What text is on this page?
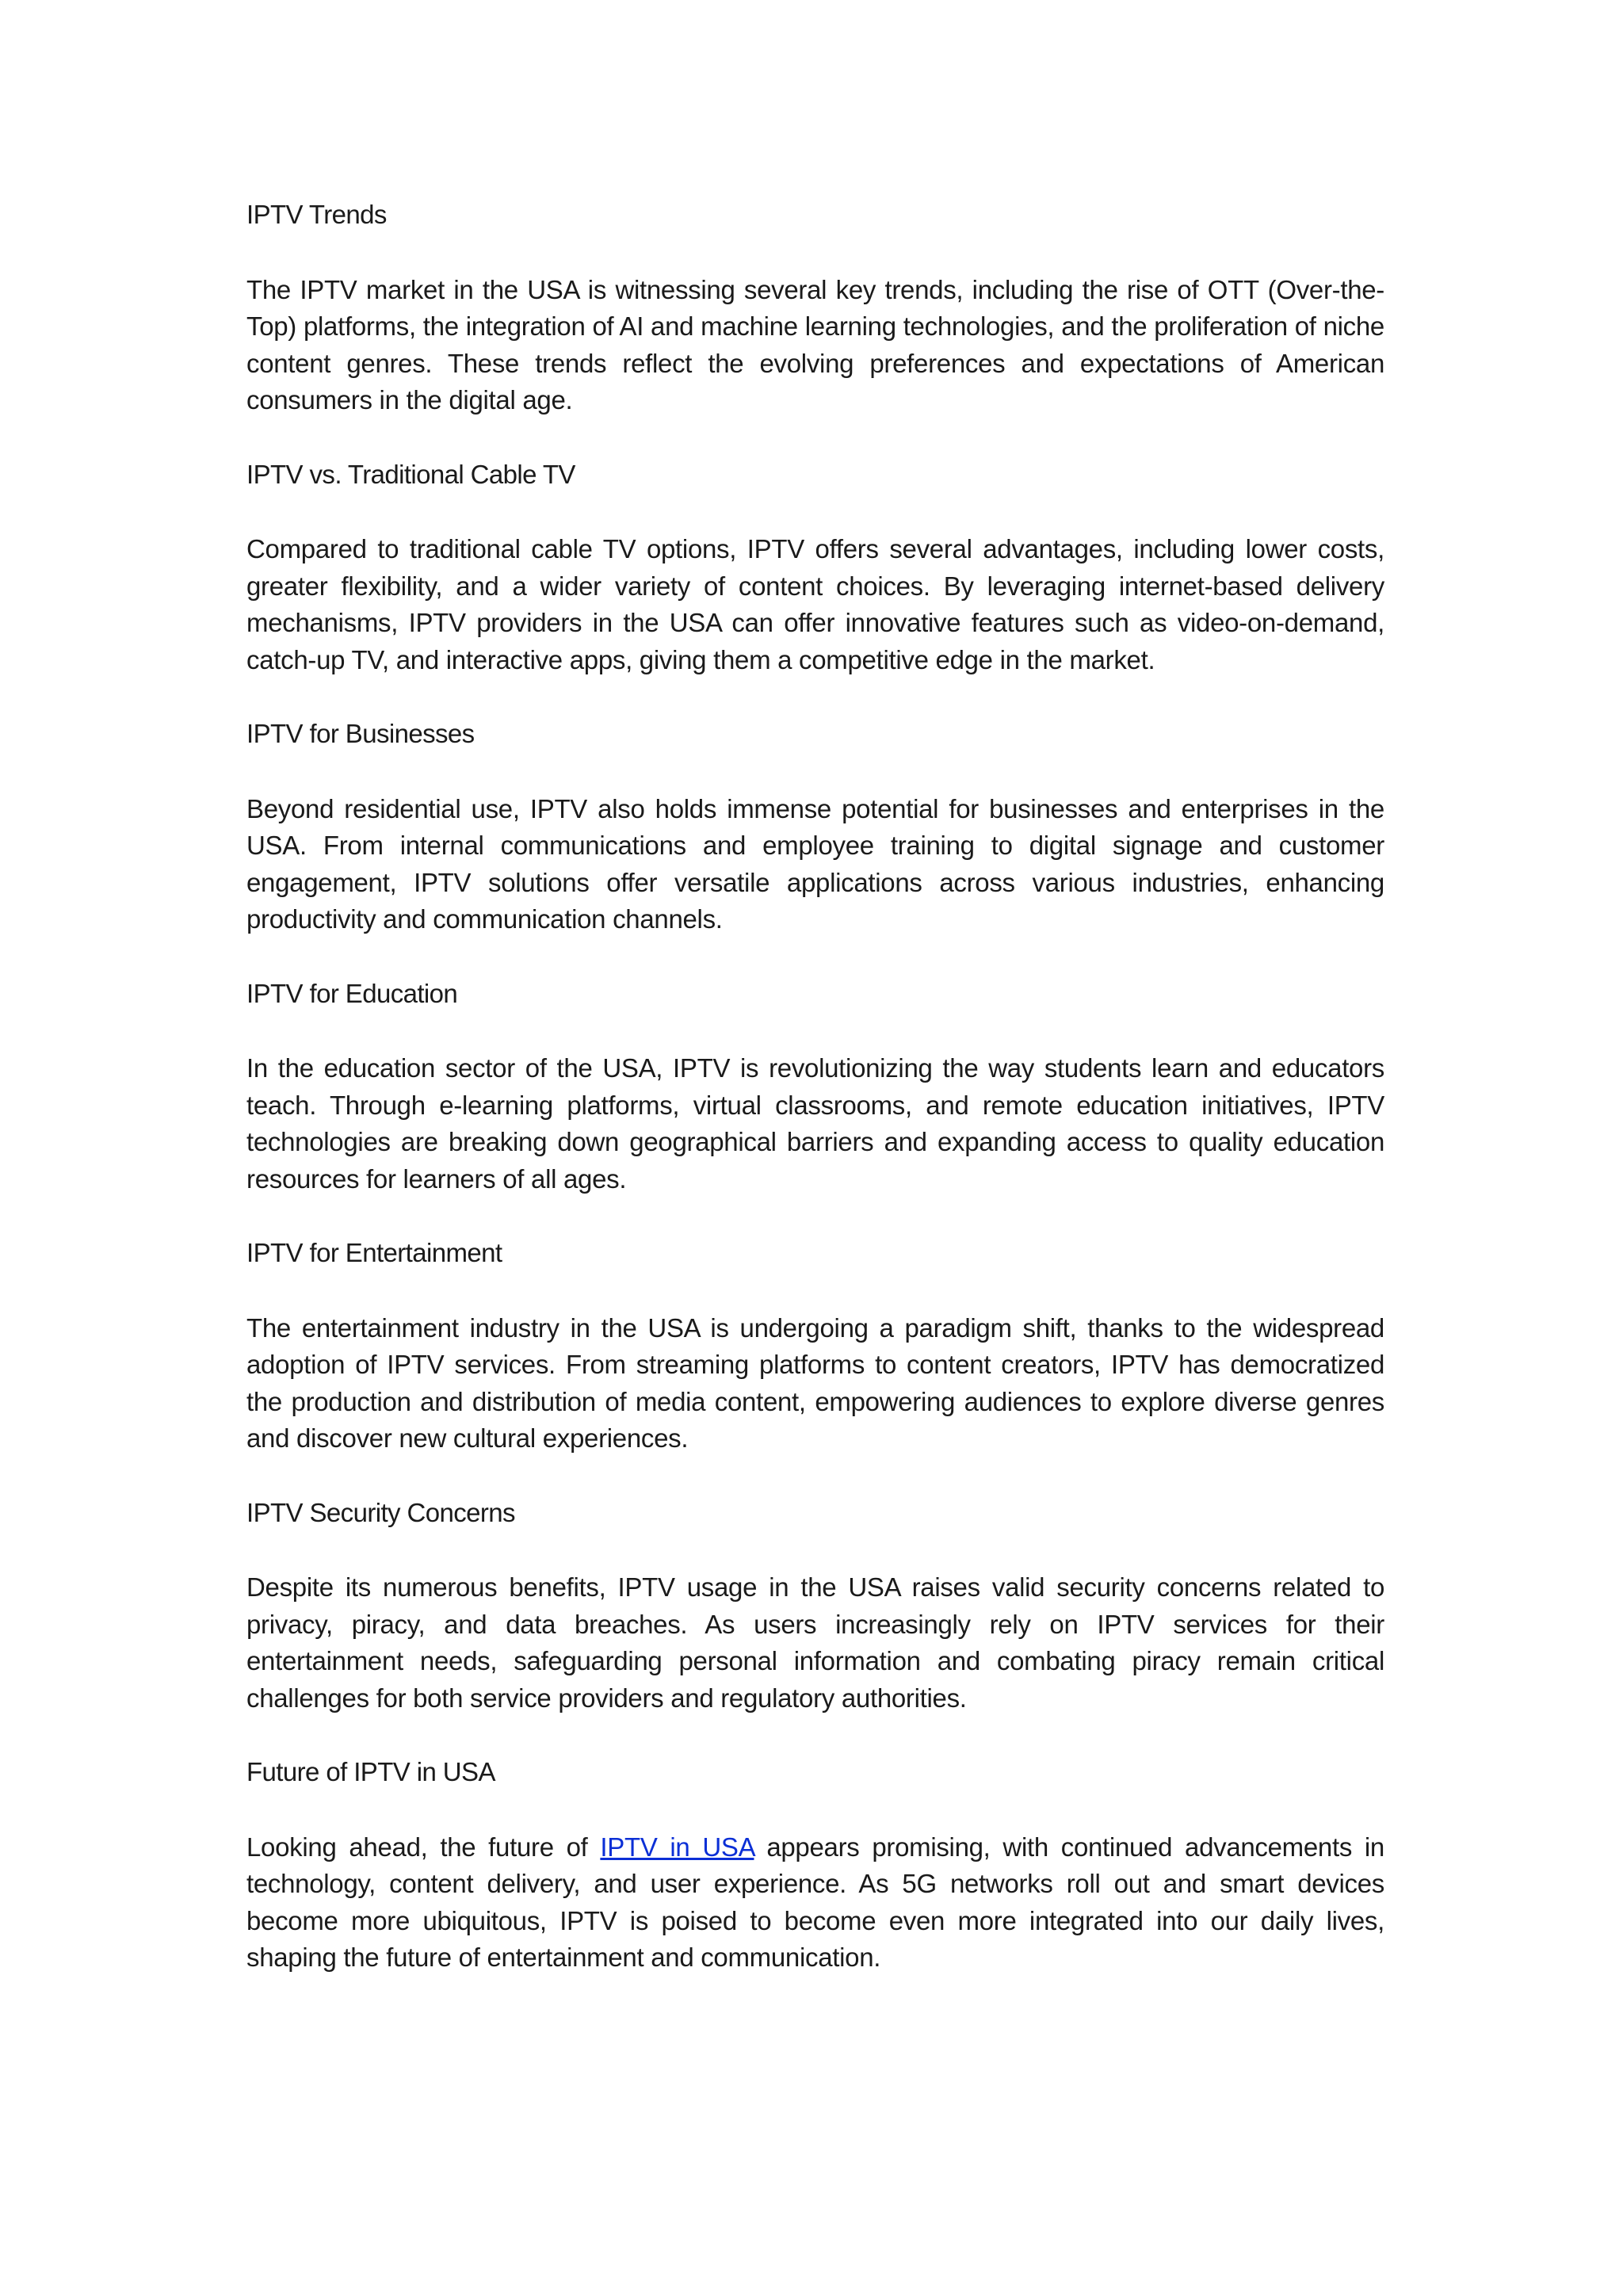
IPTV Trends

The IPTV market in the USA is witnessing several key trends, including the rise of OTT (Over-the-Top) platforms, the integration of AI and machine learning technologies, and the proliferation of niche content genres. These trends reflect the evolving preferences and expectations of American consumers in the digital age.

IPTV vs. Traditional Cable TV

Compared to traditional cable TV options, IPTV offers several advantages, including lower costs, greater flexibility, and a wider variety of content choices. By leveraging internet-based delivery mechanisms, IPTV providers in the USA can offer innovative features such as video-on-demand, catch-up TV, and interactive apps, giving them a competitive edge in the market.

IPTV for Businesses

Beyond residential use, IPTV also holds immense potential for businesses and enterprises in the USA. From internal communications and employee training to digital signage and customer engagement, IPTV solutions offer versatile applications across various industries, enhancing productivity and communication channels.

IPTV for Education

In the education sector of the USA, IPTV is revolutionizing the way students learn and educators teach. Through e-learning platforms, virtual classrooms, and remote education initiatives, IPTV technologies are breaking down geographical barriers and expanding access to quality education resources for learners of all ages.

IPTV for Entertainment

The entertainment industry in the USA is undergoing a paradigm shift, thanks to the widespread adoption of IPTV services. From streaming platforms to content creators, IPTV has democratized the production and distribution of media content, empowering audiences to explore diverse genres and discover new cultural experiences.

IPTV Security Concerns

Despite its numerous benefits, IPTV usage in the USA raises valid security concerns related to privacy, piracy, and data breaches. As users increasingly rely on IPTV services for their entertainment needs, safeguarding personal information and combating piracy remain critical challenges for both service providers and regulatory authorities.

Future of IPTV in USA

Looking ahead, the future of IPTV in USA appears promising, with continued advancements in technology, content delivery, and user experience. As 5G networks roll out and smart devices become more ubiquitous, IPTV is poised to become even more integrated into our daily lives, shaping the future of entertainment and communication.
